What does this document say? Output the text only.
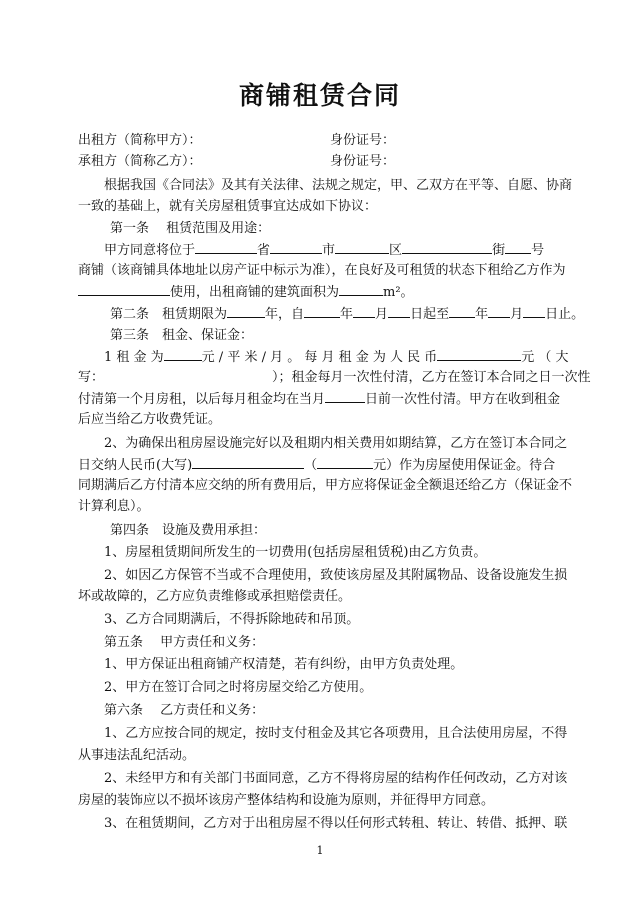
商铺租赁合同
出租方（简称甲方）：	身份证号：
承租方（简称乙方）：	身份证号：
根据我国《合同法》及其有关法律、法规之规定，甲、乙双方在平等、自愿、协商
一致的基础上，就有关房屋租赁事宜达成如下协议：
第一条　 租赁范围及用途：
甲方同意将位于	省	市	区	街 号
商铺（该商铺具体地址以房产证中标示为准），在良好及可租赁的状态下租给乙方作为
使用，出租商铺的建筑面积为	m²。
第二条　租赁期限为	年，自	年 月 日起至 年 月 日止。
第三条　租金、保证金：
1 租 金 为	元 / 平 米 / 月 。 每 月 租 金 为 人 民 币	元 （ 大
写：	）；租金每月一次性付清，乙方在签订本合同之日一次性
付清第一个月房租，以后每月租金均在当月	日前一次性付清。甲方在收到租金
后应当给乙方收费凭证。
2、为确保出租房屋设施完好以及租期内相关费用如期结算，乙方在签订本合同之
日交纳人民币(大写)	（	元）作为房屋使用保证金。待合
同期满后乙方付清本应交纳的所有费用后，甲方应将保证金全额退还给乙方（保证金不
计算利息）。
第四条　设施及费用承担：
1、房屋租赁期间所发生的一切费用(包括房屋租赁税)由乙方负责。
2、如因乙方保管不当或不合理使用，致使该房屋及其附属物品、设备设施发生损
坏或故障的，乙方应负责维修或承担赔偿责任。
3、乙方合同期满后，不得拆除地砖和吊顶。
第五条　 甲方责任和义务：
1、甲方保证出租商铺产权清楚，若有纠纷，由甲方负责处理。
2、甲方在签订合同之时将房屋交给乙方使用。
第六条　 乙方责任和义务：
1、乙方应按合同的规定，按时支付租金及其它各项费用，且合法使用房屋，不得
从事违法乱纪活动。
2、未经甲方和有关部门书面同意，乙方不得将房屋的结构作任何改动，乙方对该
房屋的装饰应以不损坏该房产整体结构和设施为原则，并征得甲方同意。
3、在租赁期间，乙方对于出租房屋不得以任何形式转租、转让、转借、抵押、联
1
